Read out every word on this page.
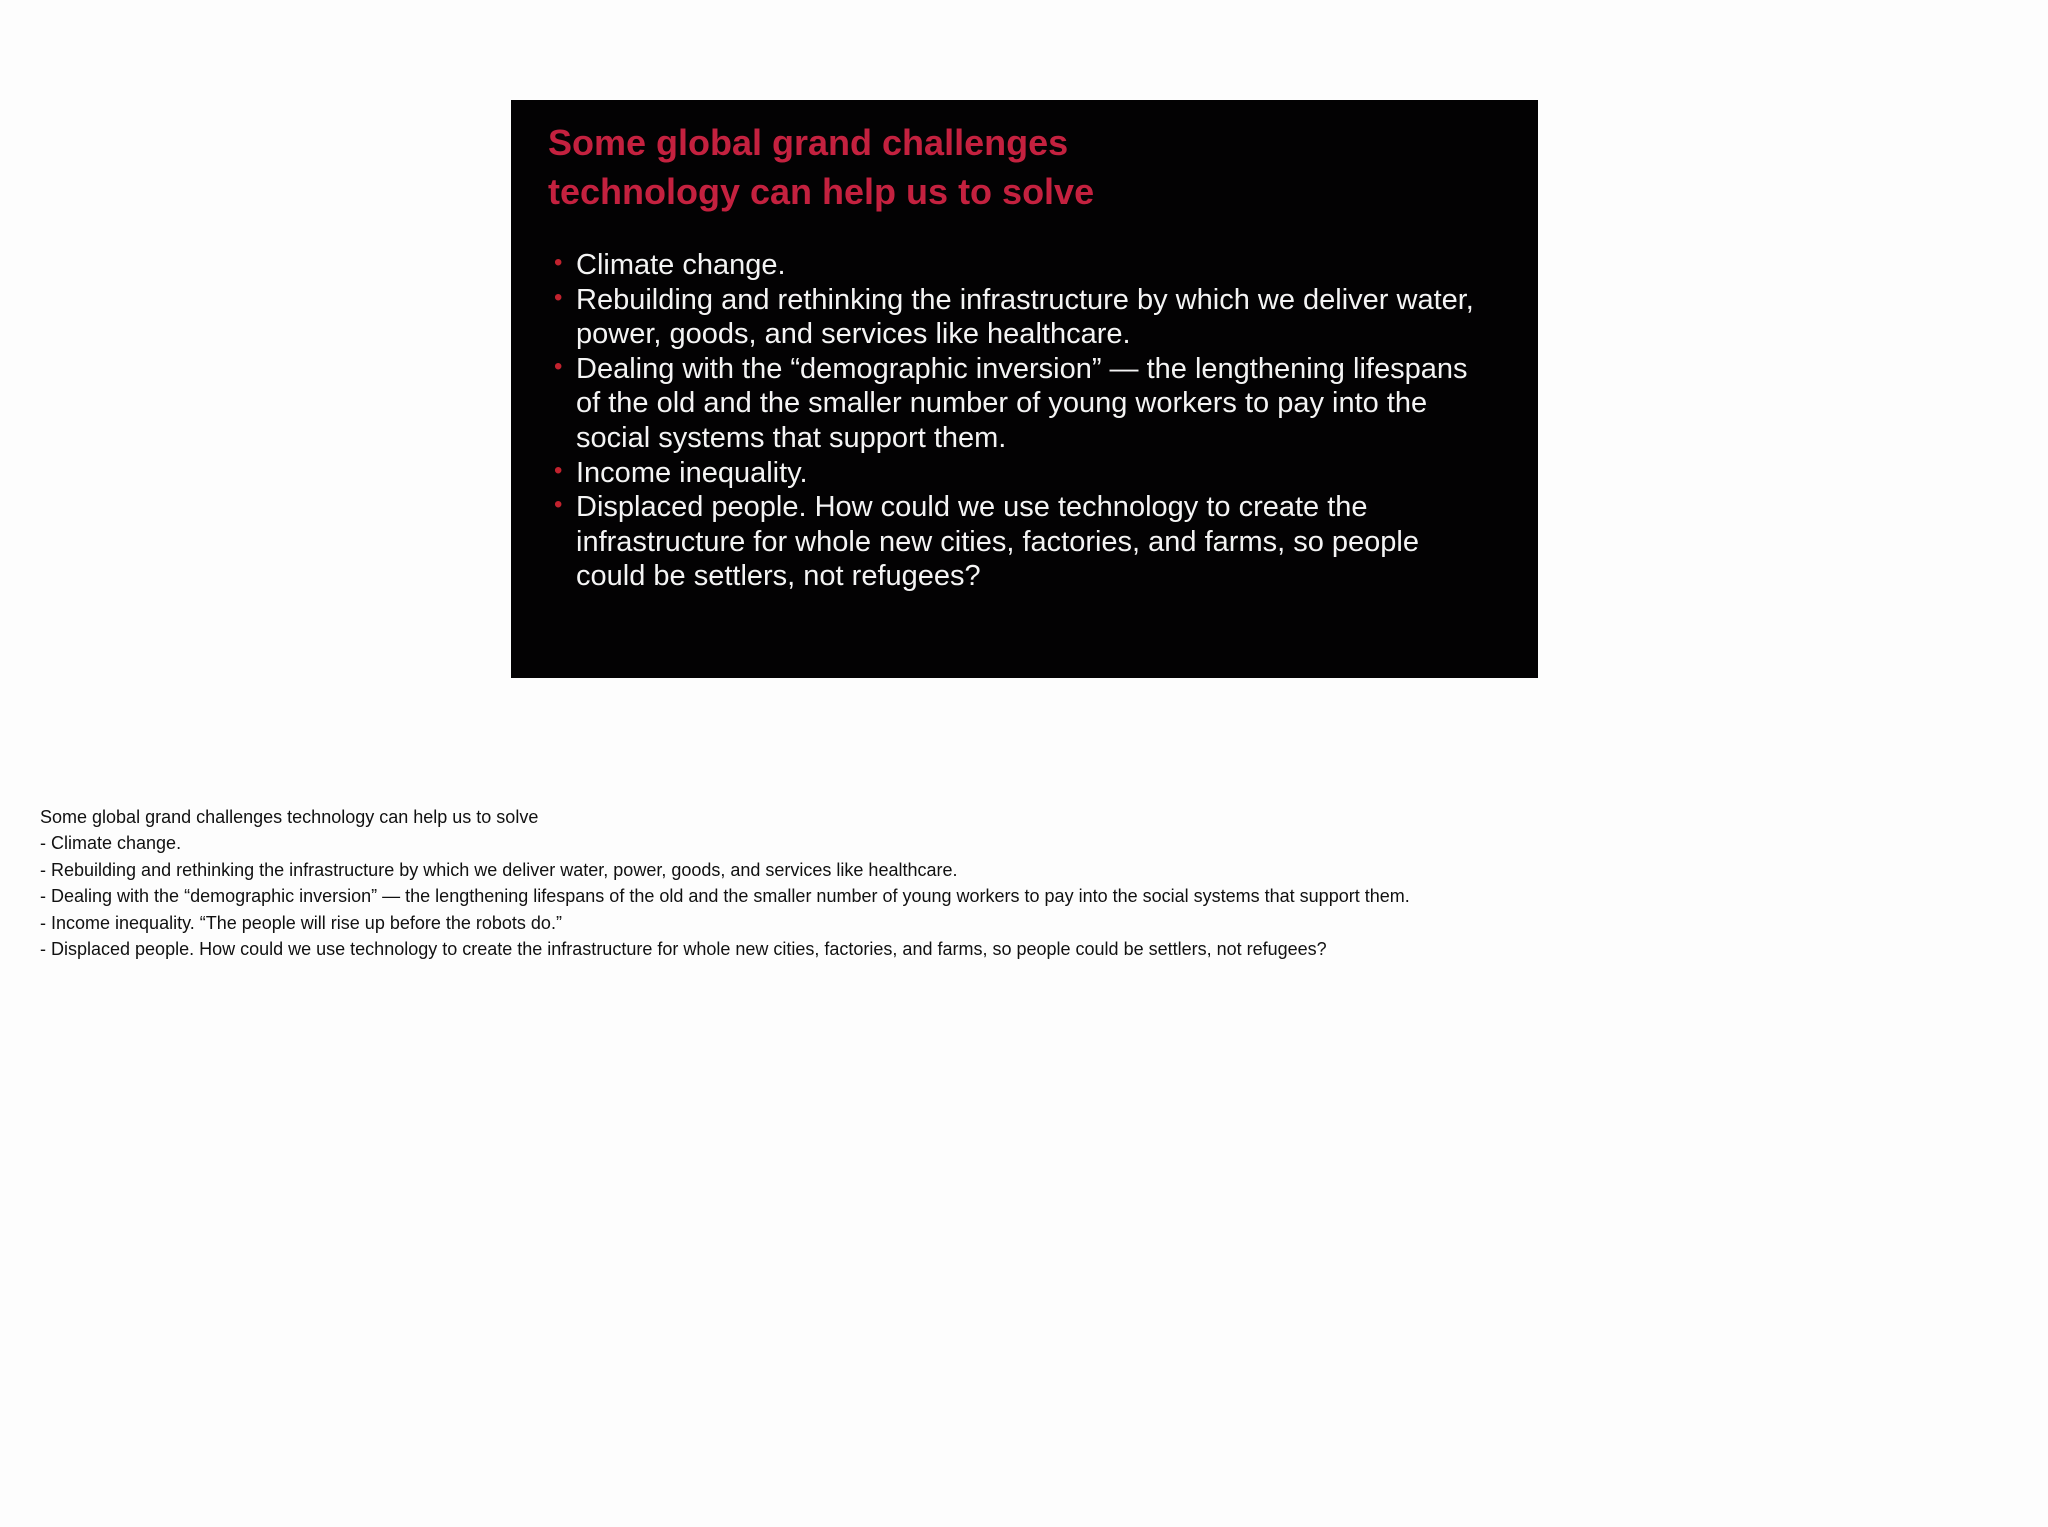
Some global grand challenges
technology can help us to solve
• Climate change.
• Rebuilding and rethinking the infrastructure by which we deliver water, power, goods, and services like healthcare.
• Dealing with the “demographic inversion” — the lengthening lifespans of the old and the smaller number of young workers to pay into the social systems that support them.
• Income inequality.
• Displaced people. How could we use technology to create the infrastructure for whole new cities, factories, and farms, so people could be settlers, not refugees?
Some global grand challenges technology can help us to solve
- Climate change.
- Rebuilding and rethinking the infrastructure by which we deliver water, power, goods, and services like healthcare.
- Dealing with the “demographic inversion” — the lengthening lifespans of the old and the smaller number of young workers to pay into the social systems that support them.
- Income inequality. “The people will rise up before the robots do.”
- Displaced people. How could we use technology to create the infrastructure for whole new cities, factories, and farms, so people could be settlers, not refugees?
